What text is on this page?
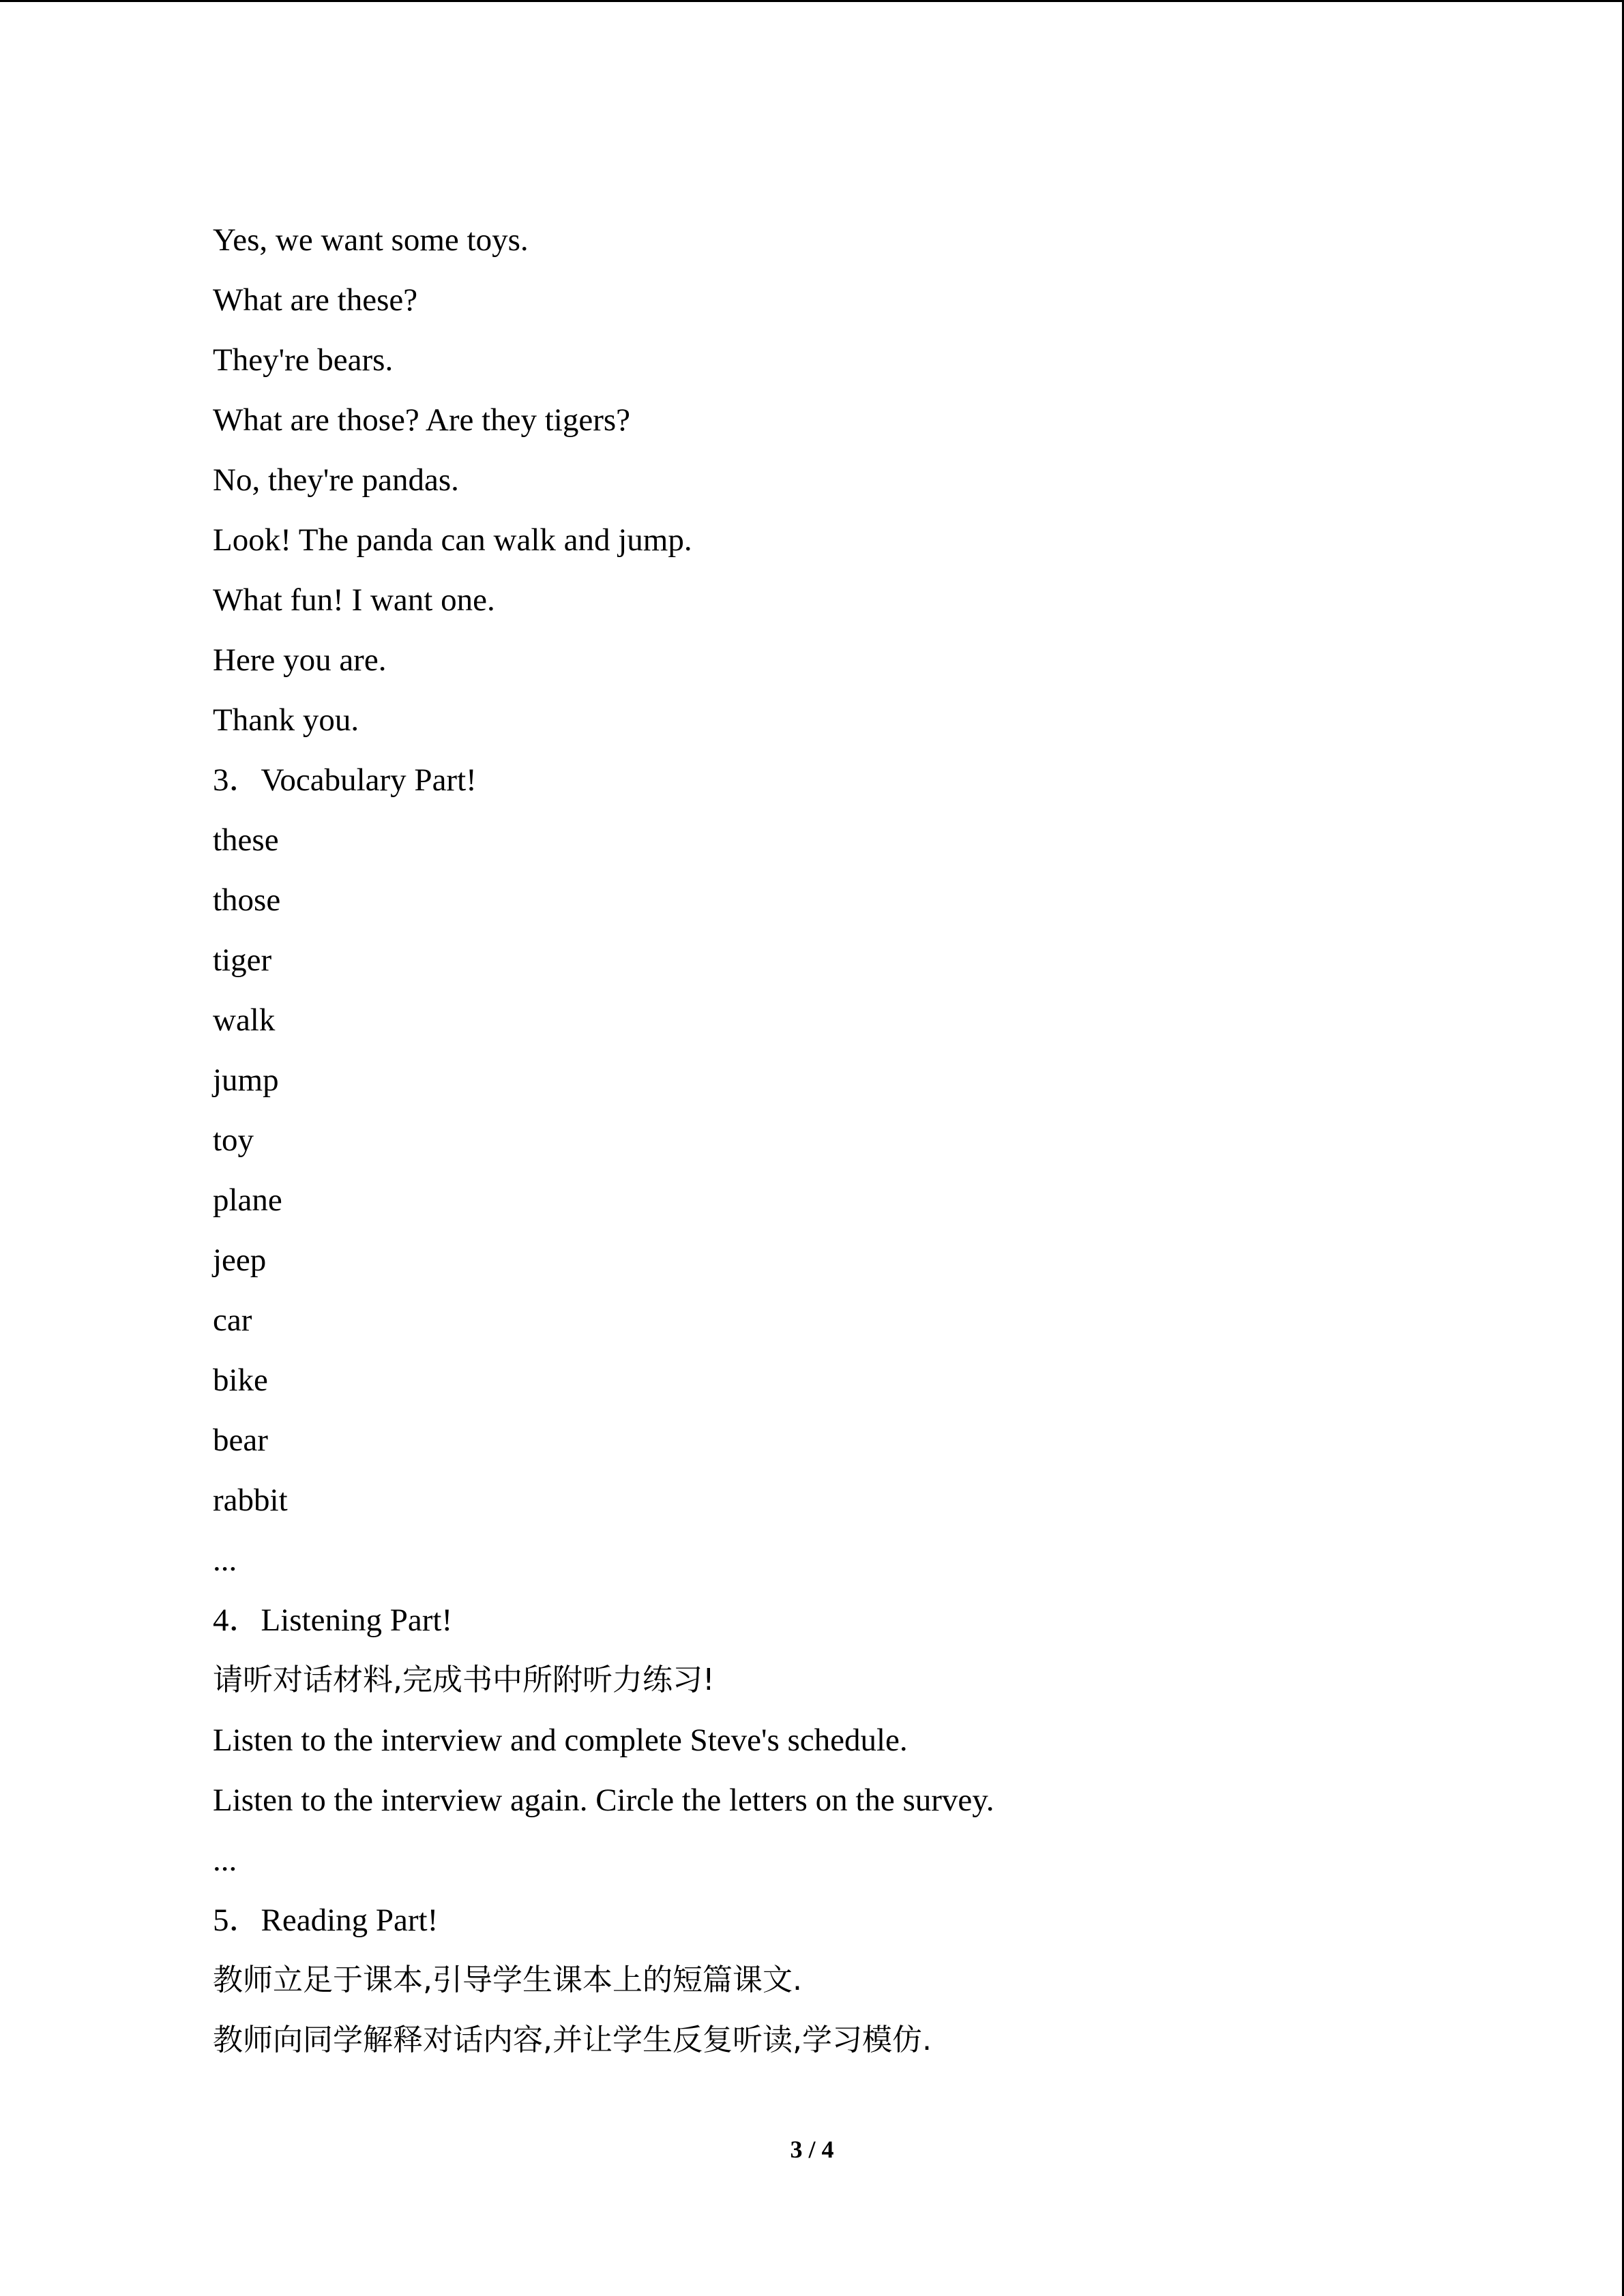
Yes, we want some toys.

What are these?

They're bears.

What are those? Are they tigers?

No, they're pandas.

Look! The panda can walk and jump.

What fun! I want one.

Here you are.

Thank you.

3．Vocabulary Part!

these

those

tiger

walk

jump

toy

plane

jeep

car

bike

bear

rabbit

...

4．Listening Part!

请听对话材料,完成书中所附听力练习!

Listen to the interview and complete Steve's schedule.

Listen to the interview again. Circle the letters on the survey.

...

5．Reading Part!

教师立足于课本,引导学生课本上的短篇课文.

教师向同学解释对话内容,并让学生反复听读,学习模仿.

3 / 4
